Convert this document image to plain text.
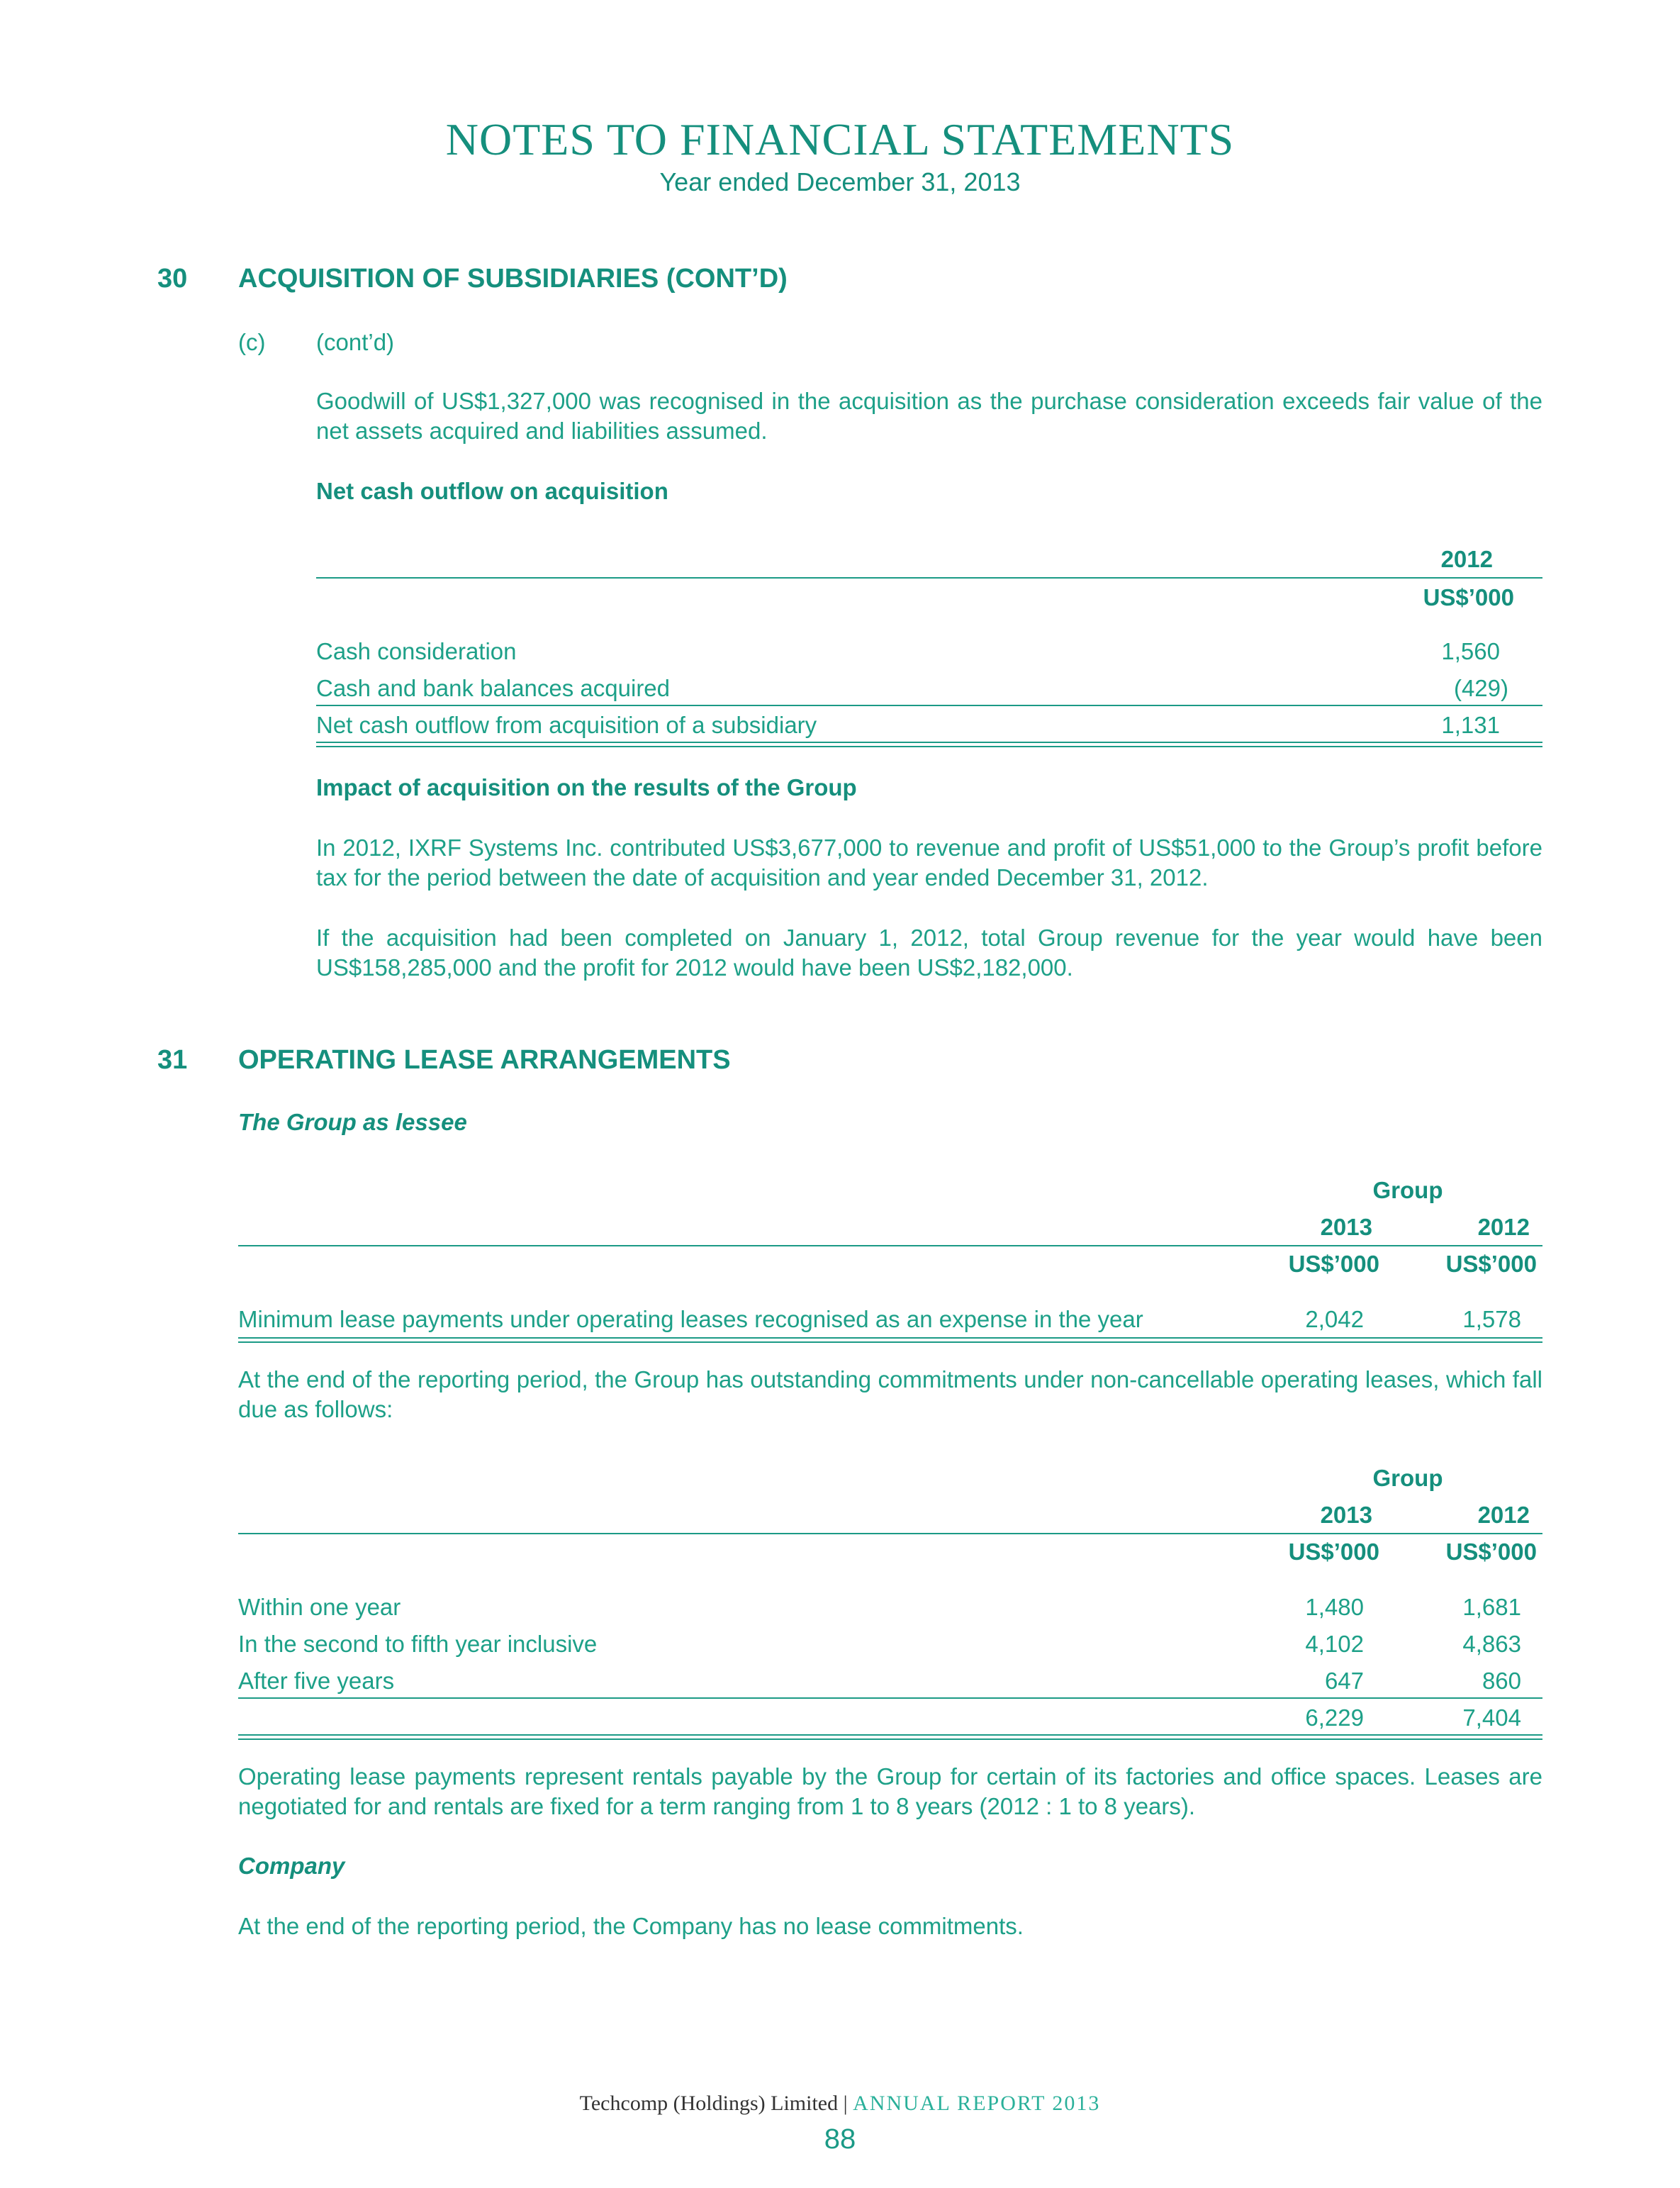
NOTES TO FINANCIAL STATEMENTS
Year ended December 31, 2013
30 ACQUISITION OF SUBSIDIARIES (CONT’D)
(c) (cont’d)
Goodwill of US$1,327,000 was recognised in the acquisition as the purchase consideration exceeds fair value of the net assets acquired and liabilities assumed.
Net cash outflow on acquisition
2012
US$’000
Cash consideration	1,560
Cash and bank balances acquired	(429)
Net cash outflow from acquisition of a subsidiary	1,131
Impact of acquisition on the results of the Group
In 2012, IXRF Systems Inc. contributed US$3,677,000 to revenue and profit of US$51,000 to the Group’s profit before tax for the period between the date of acquisition and year ended December 31, 2012.
If the acquisition had been completed on January 1, 2012, total Group revenue for the year would have been US$158,285,000 and the profit for 2012 would have been US$2,182,000.
31 OPERATING LEASE ARRANGEMENTS
The Group as lessee
Group
2013	2012
US$’000	US$’000
Minimum lease payments under operating leases recognised as an expense in the year	2,042	1,578
At the end of the reporting period, the Group has outstanding commitments under non-cancellable operating leases, which fall due as follows:
Group
2013	2012
US$’000	US$’000
Within one year	1,480	1,681
In the second to fifth year inclusive	4,102	4,863
After five years	647	860
6,229	7,404
Operating lease payments represent rentals payable by the Group for certain of its factories and office spaces. Leases are negotiated for and rentals are fixed for a term ranging from 1 to 8 years (2012 : 1 to 8 years).
Company
At the end of the reporting period, the Company has no lease commitments.
Techcomp (Holdings) Limited | ANNUAL REPORT 2013
88
